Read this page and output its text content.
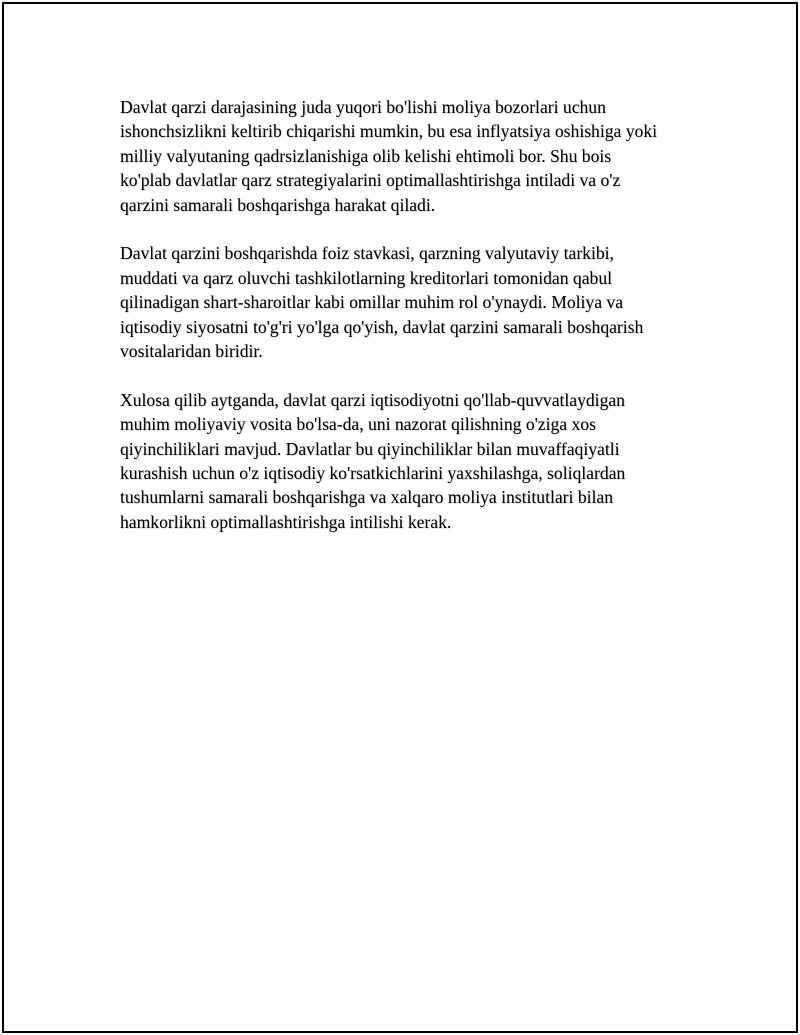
Davlat qarzi darajasining juda yuqori bo'lishi moliya bozorlari uchun
ishonchsizlikni keltirib chiqarishi mumkin, bu esa inflyatsiya oshishiga yoki
milliy valyutaning qadrsizlanishiga olib kelishi ehtimoli bor. Shu bois
ko'plab davlatlar qarz strategiyalarini optimallashtirishga intiladi va o'z
qarzini samarali boshqarishga harakat qiladi.

Davlat qarzini boshqarishda foiz stavkasi, qarzning valyutaviy tarkibi,
muddati va qarz oluvchi tashkilotlarning kreditorlari tomonidan qabul
qilinadigan shart-sharoitlar kabi omillar muhim rol o'ynaydi. Moliya va
iqtisodiy siyosatni to'g'ri yo'lga qo'yish, davlat qarzini samarali boshqarish
vositalaridan biridir.

Xulosa qilib aytganda, davlat qarzi iqtisodiyotni qo'llab-quvvatlaydigan
muhim moliyaviy vosita bo'lsa-da, uni nazorat qilishning o'ziga xos
qiyinchiliklari mavjud. Davlatlar bu qiyinchiliklar bilan muvaffaqiyatli
kurashish uchun o'z iqtisodiy ko'rsatkichlarini yaxshilashga, soliqlardan
tushumlarni samarali boshqarishga va xalqaro moliya institutlari bilan
hamkorlikni optimallashtirishga intilishi kerak.
